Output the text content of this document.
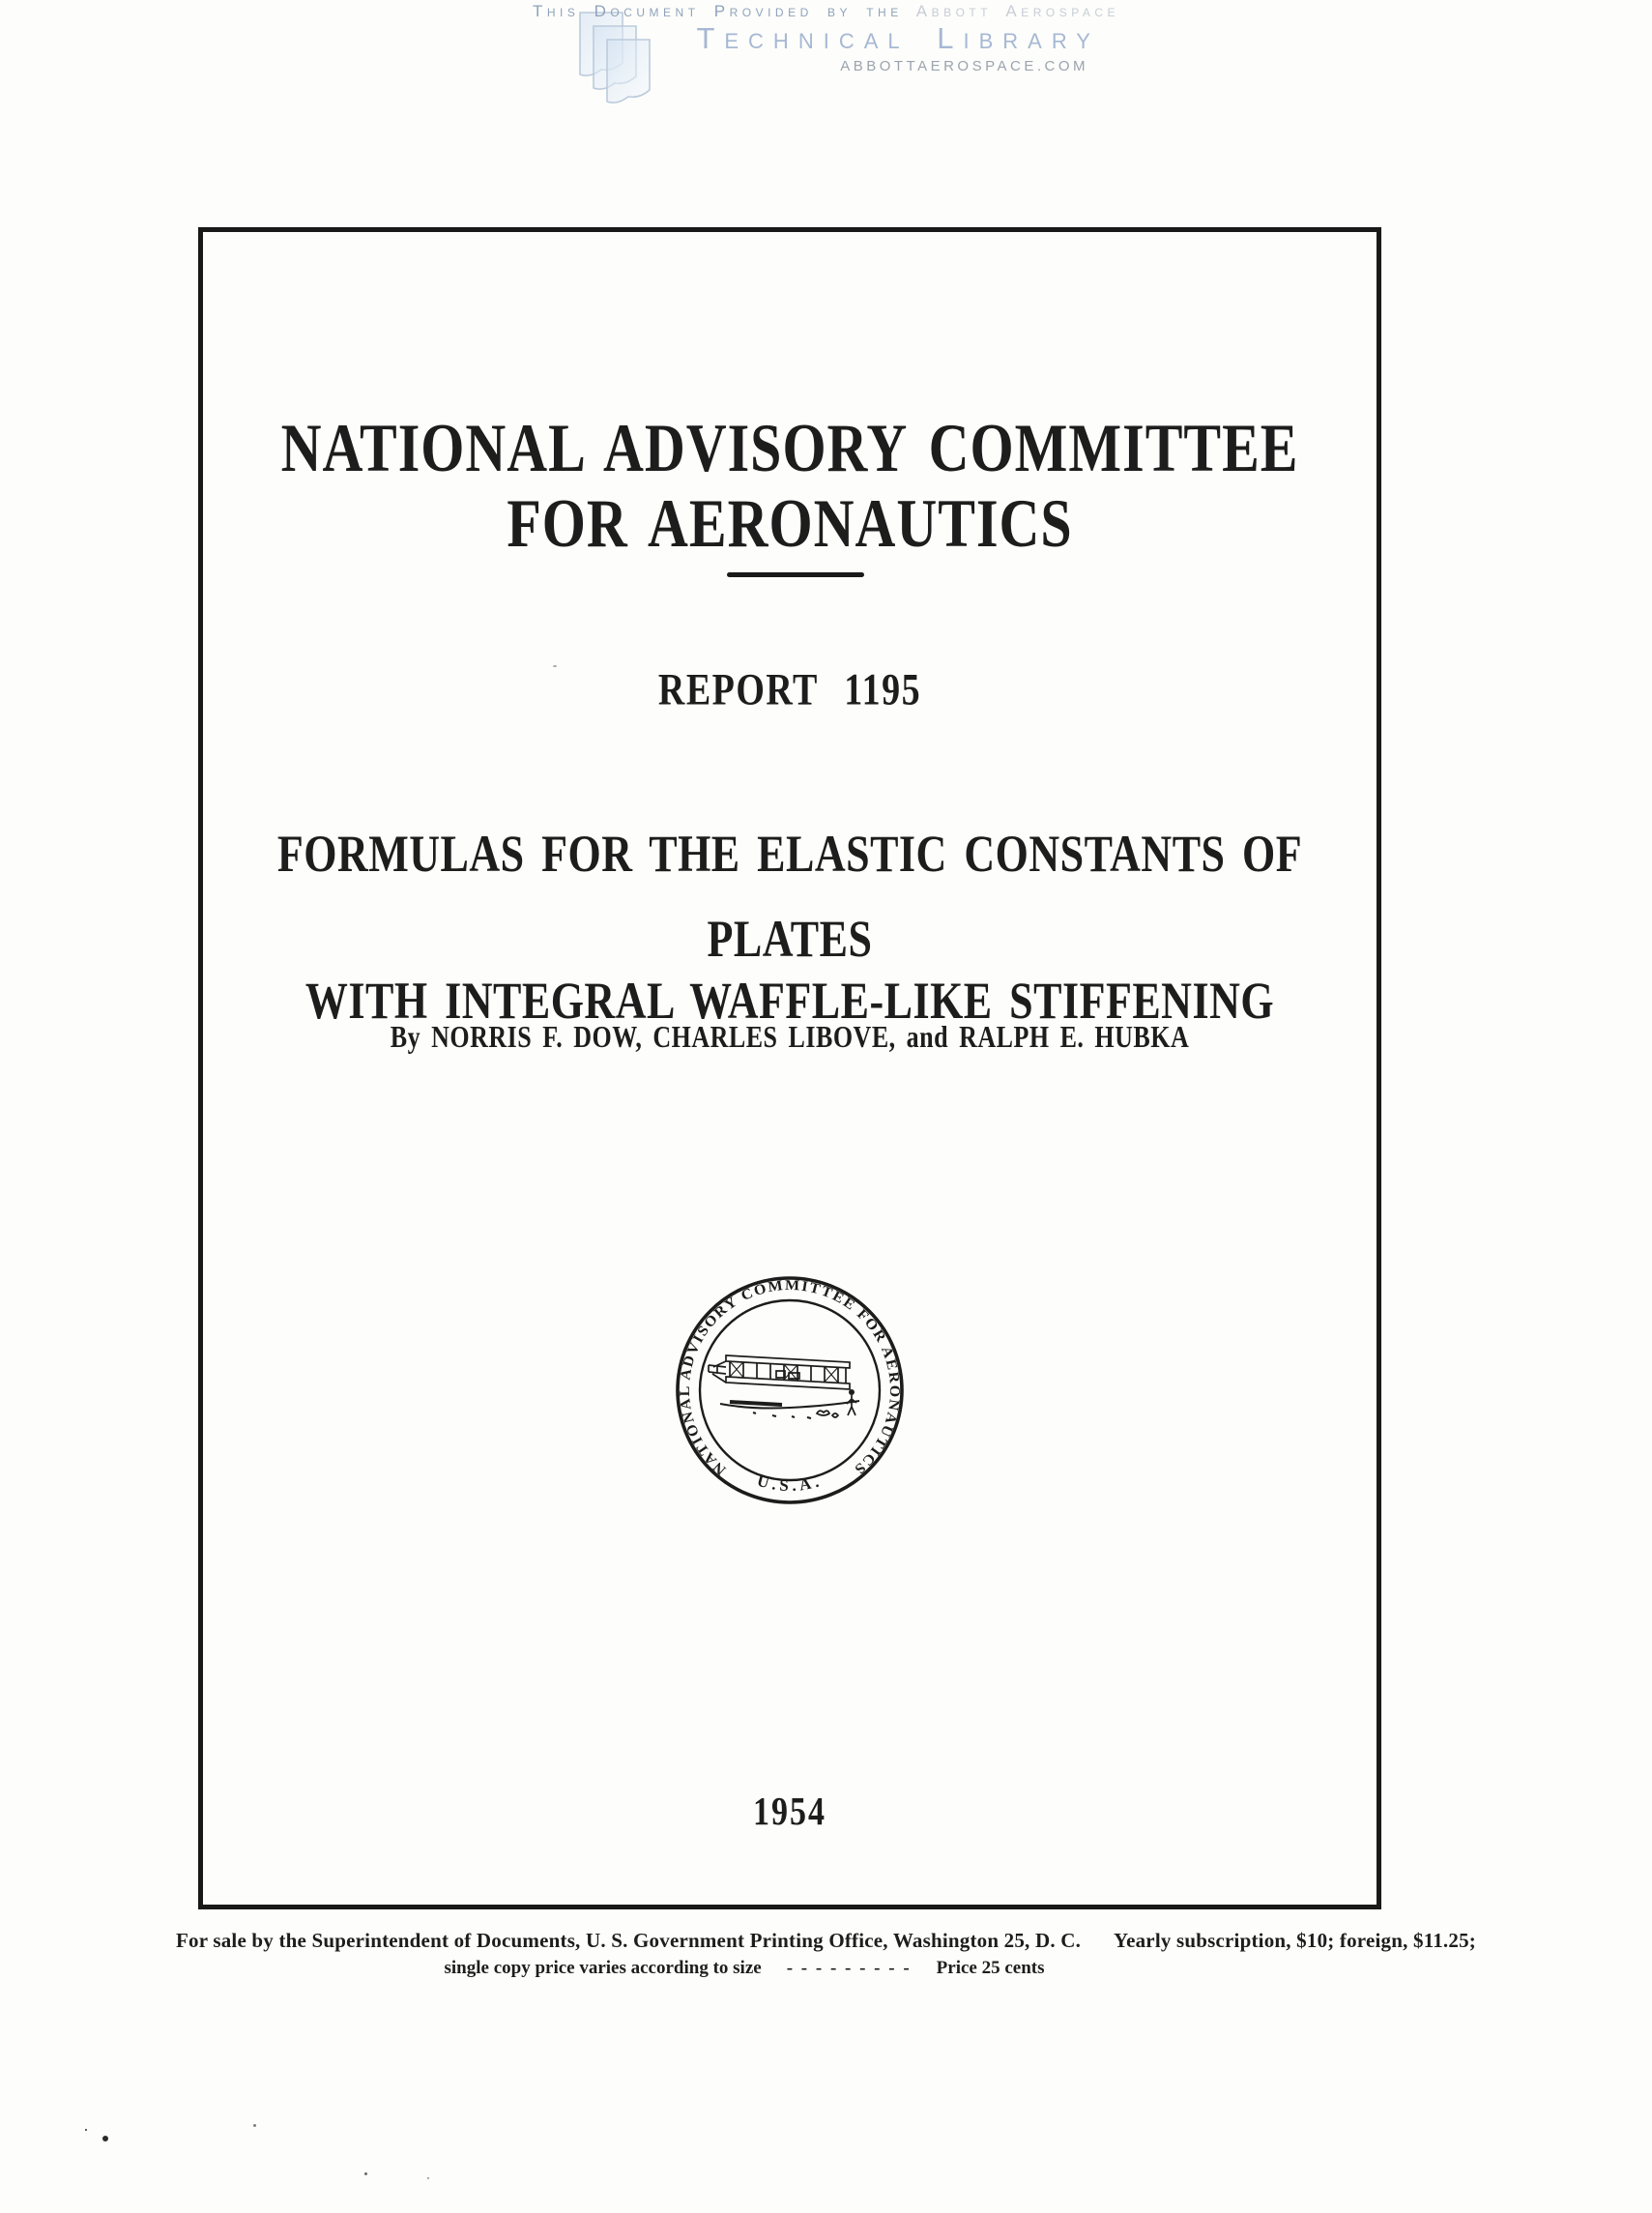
This Document Provided by the Abbott Aerospace
Technical Library
ABBOTTAEROSPACE.COM
NATIONAL ADVISORY COMMITTEE
FOR AERONAUTICS
REPORT 1195
FORMULAS FOR THE ELASTIC CONSTANTS OF PLATES
WITH INTEGRAL WAFFLE-LIKE STIFFENING

By NORRIS F. DOW, CHARLES LIBOVE, and RALPH E. HUBKA

NATIONAL ADVISORY COMMITTEE FOR AERONAUTICS
U.S.A.

1954

For sale by the Superintendent of Documents, U. S. Government Printing Office, Washington 25, D. C. Yearly subscription, $10; foreign, $11.25;

single copy price varies according to size - - - - - - - - - Price 25 cents
